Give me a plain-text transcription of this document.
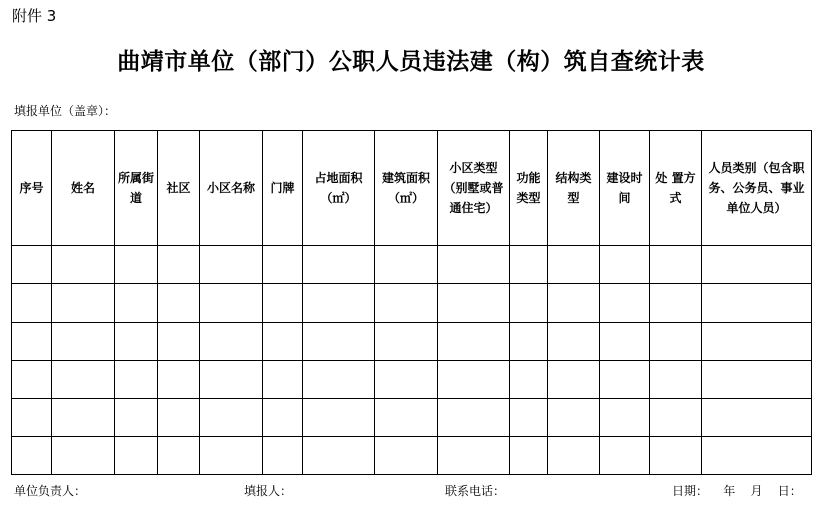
附件 3
曲靖市单位（部门）公职人员违法建（构）筑自查统计表
填报单位（盖章）：
序号	姓名	所属街道	社区	小区名称	门牌	占地面积（㎡）	建筑面积（㎡）	小区类型（别墅或普通住宅）	功能类型	结构类型	建设时间	处 置方式	人员类别（包含职务、公务员、事业单位人员）

单位负责人：	填报人：	联系电话：	日期：    年    月    日：
